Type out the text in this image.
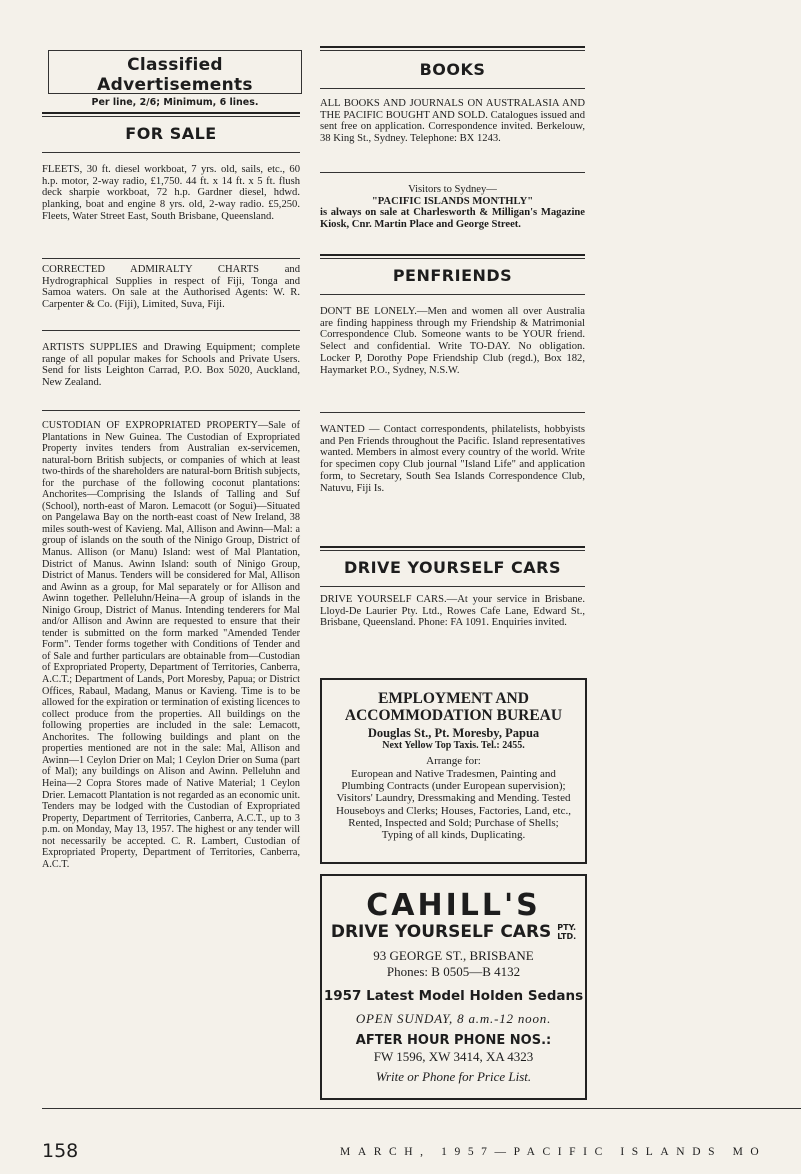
Classified Advertisements
Per line, 2/6; Minimum, 6 lines.
FOR SALE

FLEETS, 30 ft. diesel workboat, 7 yrs. old, sails, etc., 60 h.p. motor, 2-way radio, £1,750. 44 ft. x 14 ft. x 5 ft. flush deck sharpie workboat, 72 h.p. Gardner diesel, hdwd. planking, boat and engine 8 yrs. old, 2-way radio. £5,250. Fleets, Water Street East, South Brisbane, Queensland.

CORRECTED ADMIRALTY CHARTS and Hydrographical Supplies in respect of Fiji, Tonga and Samoa waters. On sale at the Authorised Agents: W. R. Carpenter & Co. (Fiji), Limited, Suva, Fiji.

ARTISTS SUPPLIES and Drawing Equipment; complete range of all popular makes for Schools and Private Users. Send for lists Leighton Carrad, P.O. Box 5020, Auckland, New Zealand.

CUSTODIAN OF EXPROPRIATED PROPERTY—Sale of Plantations in New Guinea. The Custodian of Expropriated Property invites tenders from Australian ex-servicemen, natural-born British subjects, or companies of which at least two-thirds of the shareholders are natural-born British subjects, for the purchase of the following coconut plantations: Anchorites—Comprising the Islands of Talling and Suf (School), north-east of Maron. Lemacott (or Sogui)—Situated on Pangelawa Bay on the north-east coast of New Ireland, 38 miles south-west of Kavieng. Mal, Allison and Awinn—Mal: a group of islands on the south of the Ninigo Group, District of Manus. Allison (or Manu) Island: west of Mal Plantation, District of Manus. Awinn Island: south of Ninigo Group, District of Manus. Tenders will be considered for Mal, Allison and Awinn as a group, for Mal separately or for Allison and Awinn together. Pelleluhn/Heina—A group of islands in the Ninigo Group, District of Manus. Intending tenderers for Mal and/or Allison and Awinn are requested to ensure that their tender is submitted on the form marked "Amended Tender Form". Tender forms together with Conditions of Tender and of Sale and further particulars are obtainable from—Custodian of Expropriated Property, Department of Territories, Canberra, A.C.T.; Department of Lands, Port Moresby, Papua; or District Offices, Rabaul, Madang, Manus or Kavieng. Time is to be allowed for the expiration or termination of existing licences to collect produce from the properties. All buildings on the following properties are included in the sale: Lemacott, Anchorites. The following buildings and plant on the properties mentioned are not in the sale: Mal, Allison and Awinn—1 Ceylon Drier on Mal; 1 Ceylon Drier on Suma (part of Mal); any buildings on Alison and Awinn. Pelleluhn and Heina—2 Copra Stores made of Native Material; 1 Ceylon Drier. Lemacott Plantation is not regarded as an economic unit. Tenders may be lodged with the Custodian of Expropriated Property, Department of Territories, Canberra, A.C.T., up to 3 p.m. on Monday, May 13, 1957. The highest or any tender will not necessarily be accepted. C. R. Lambert, Custodian of Expropriated Property, Department of Territories, Canberra, A.C.T.

BOOKS

ALL BOOKS AND JOURNALS ON AUSTRALASIA AND THE PACIFIC BOUGHT AND SOLD. Catalogues issued and sent free on application. Correspondence invited. Berkelouw, 38 King St., Sydney. Telephone: BX 1243.

Visitors to Sydney—
"PACIFIC ISLANDS MONTHLY"

is always on sale at Charlesworth & Milligan's Magazine Kiosk, Cnr. Martin Place and George Street.

PENFRIENDS

DON'T BE LONELY.—Men and women all over Australia are finding happiness through my Friendship & Matrimonial Correspondence Club. Someone wants to be YOUR friend. Select and confidential. Write TO-DAY. No obligation. Locker P, Dorothy Pope Friendship Club (regd.), Box 182, Haymarket P.O., Sydney, N.S.W.

WANTED — Contact correspondents, philatelists, hobbyists and Pen Friends throughout the Pacific. Island representatives wanted. Members in almost every country of the world. Write for specimen copy Club journal "Island Life" and application form, to Secretary, South Sea Islands Correspondence Club, Natuvu, Fiji Is.

DRIVE YOURSELF CARS

DRIVE YOURSELF CARS.—At your service in Brisbane. Lloyd-De Laurier Pty. Ltd., Rowes Cafe Lane, Edward St., Brisbane, Queensland. Phone: FA 1091. Enquiries invited.

EMPLOYMENT AND ACCOMMODATION BUREAU
Douglas St., Pt. Moresby, Papua
Next Yellow Top Taxis. Tel.: 2455.
Arrange for:

European and Native Tradesmen, Painting and Plumbing Contracts (under European supervision); Visitors' Laundry, Dressmaking and Mending. Tested Houseboys and Clerks; Houses, Factories, Land, etc., Rented, Inspected and Sold; Purchase of Shells; Typing of all kinds, Duplicating.

CAHILL'S
DRIVE YOURSELF CARS PTY.
LTD.
93 GEORGE ST., BRISBANE
Phones: B 0505—B 4132
1957 Latest Model Holden Sedans
OPEN SUNDAY, 8 a.m.-12 noon.
AFTER HOUR PHONE NOS.:
FW 1596, XW 3414, XA 4323
Write or Phone for Price List.

158	MARCH, 1957—PACIFIC ISLANDS MO
